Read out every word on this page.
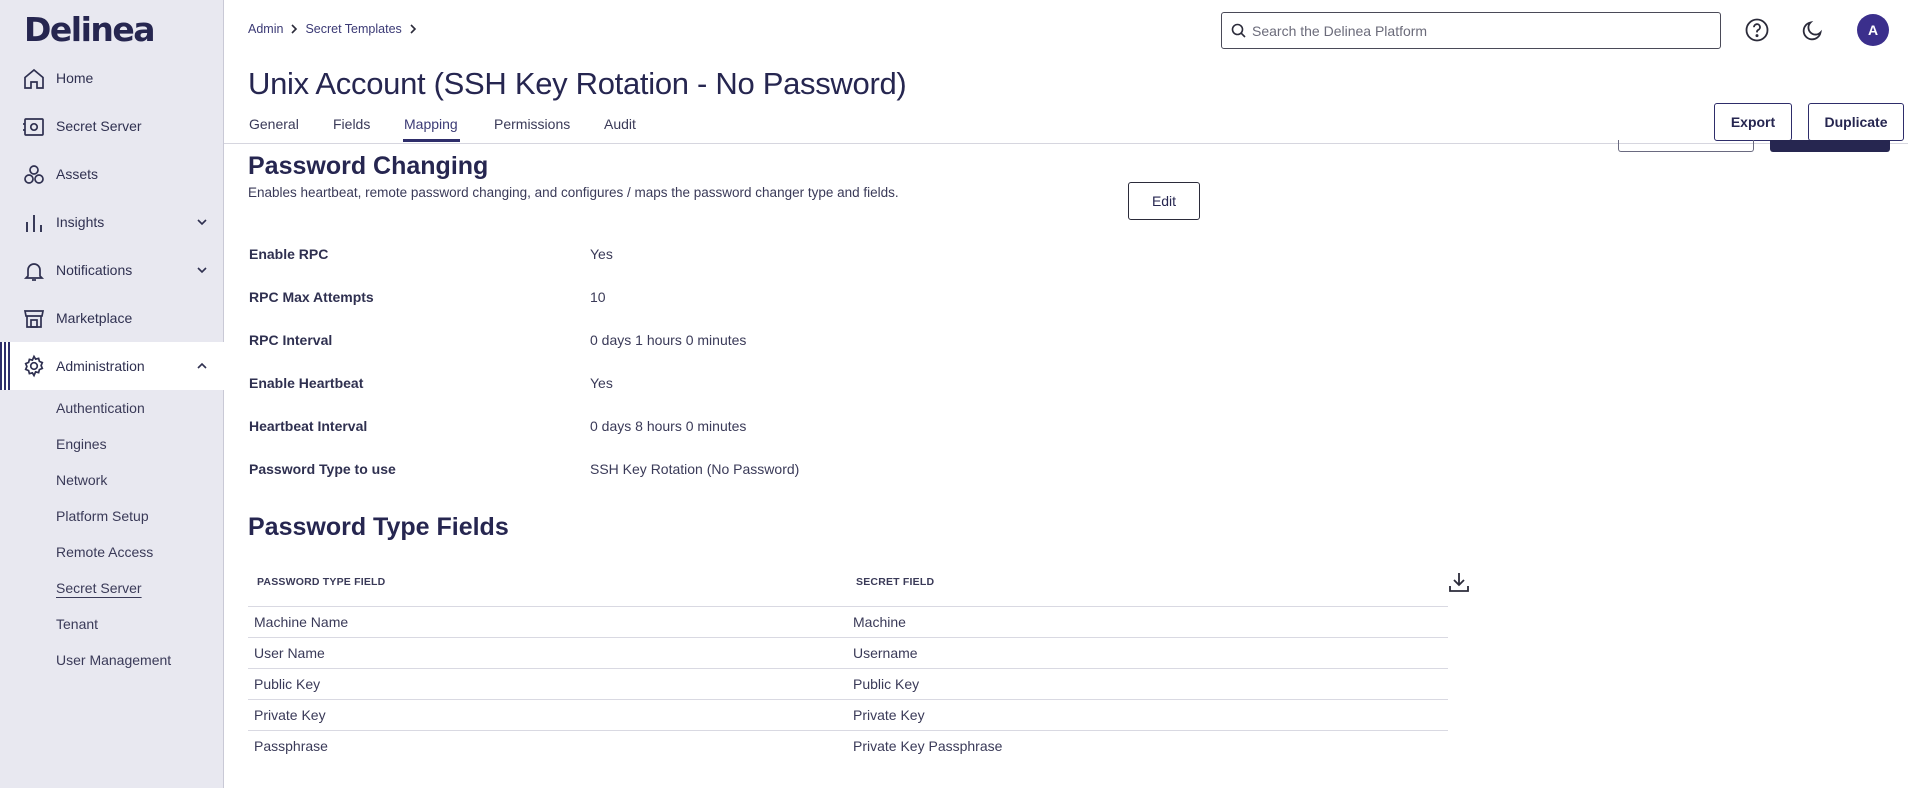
Delinea
Home
Secret Server
Assets
Insights
Notifications
Marketplace
Administration
Authentication
Engines
Network
Platform Setup
Remote Access
Secret Server
Tenant
User Management
Admin Secret Templates
Search the Delinea Platform	A
Unix Account (SSH Key Rotation - No Password)
General Fields Mapping	Permissions Audit	Export	Duplicate
Password Changing

Enables heartbeat, remote password changing, and configures / maps the password changer type and fields.

Edit
Enable RPC	Yes
RPC Max Attempts	10
RPC Interval	0 days 1 hours 0 minutes
Enable Heartbeat	Yes
Heartbeat Interval	0 days 8 hours 0 minutes
Password Type to use	SSH Key Rotation (No Password)
Password Type Fields
PASSWORD TYPE FIELD	SECRET FIELD
Machine Name	Machine
User Name	Username
Public Key	Public Key
Private Key	Private Key
Passphrase	Private Key Passphrase
